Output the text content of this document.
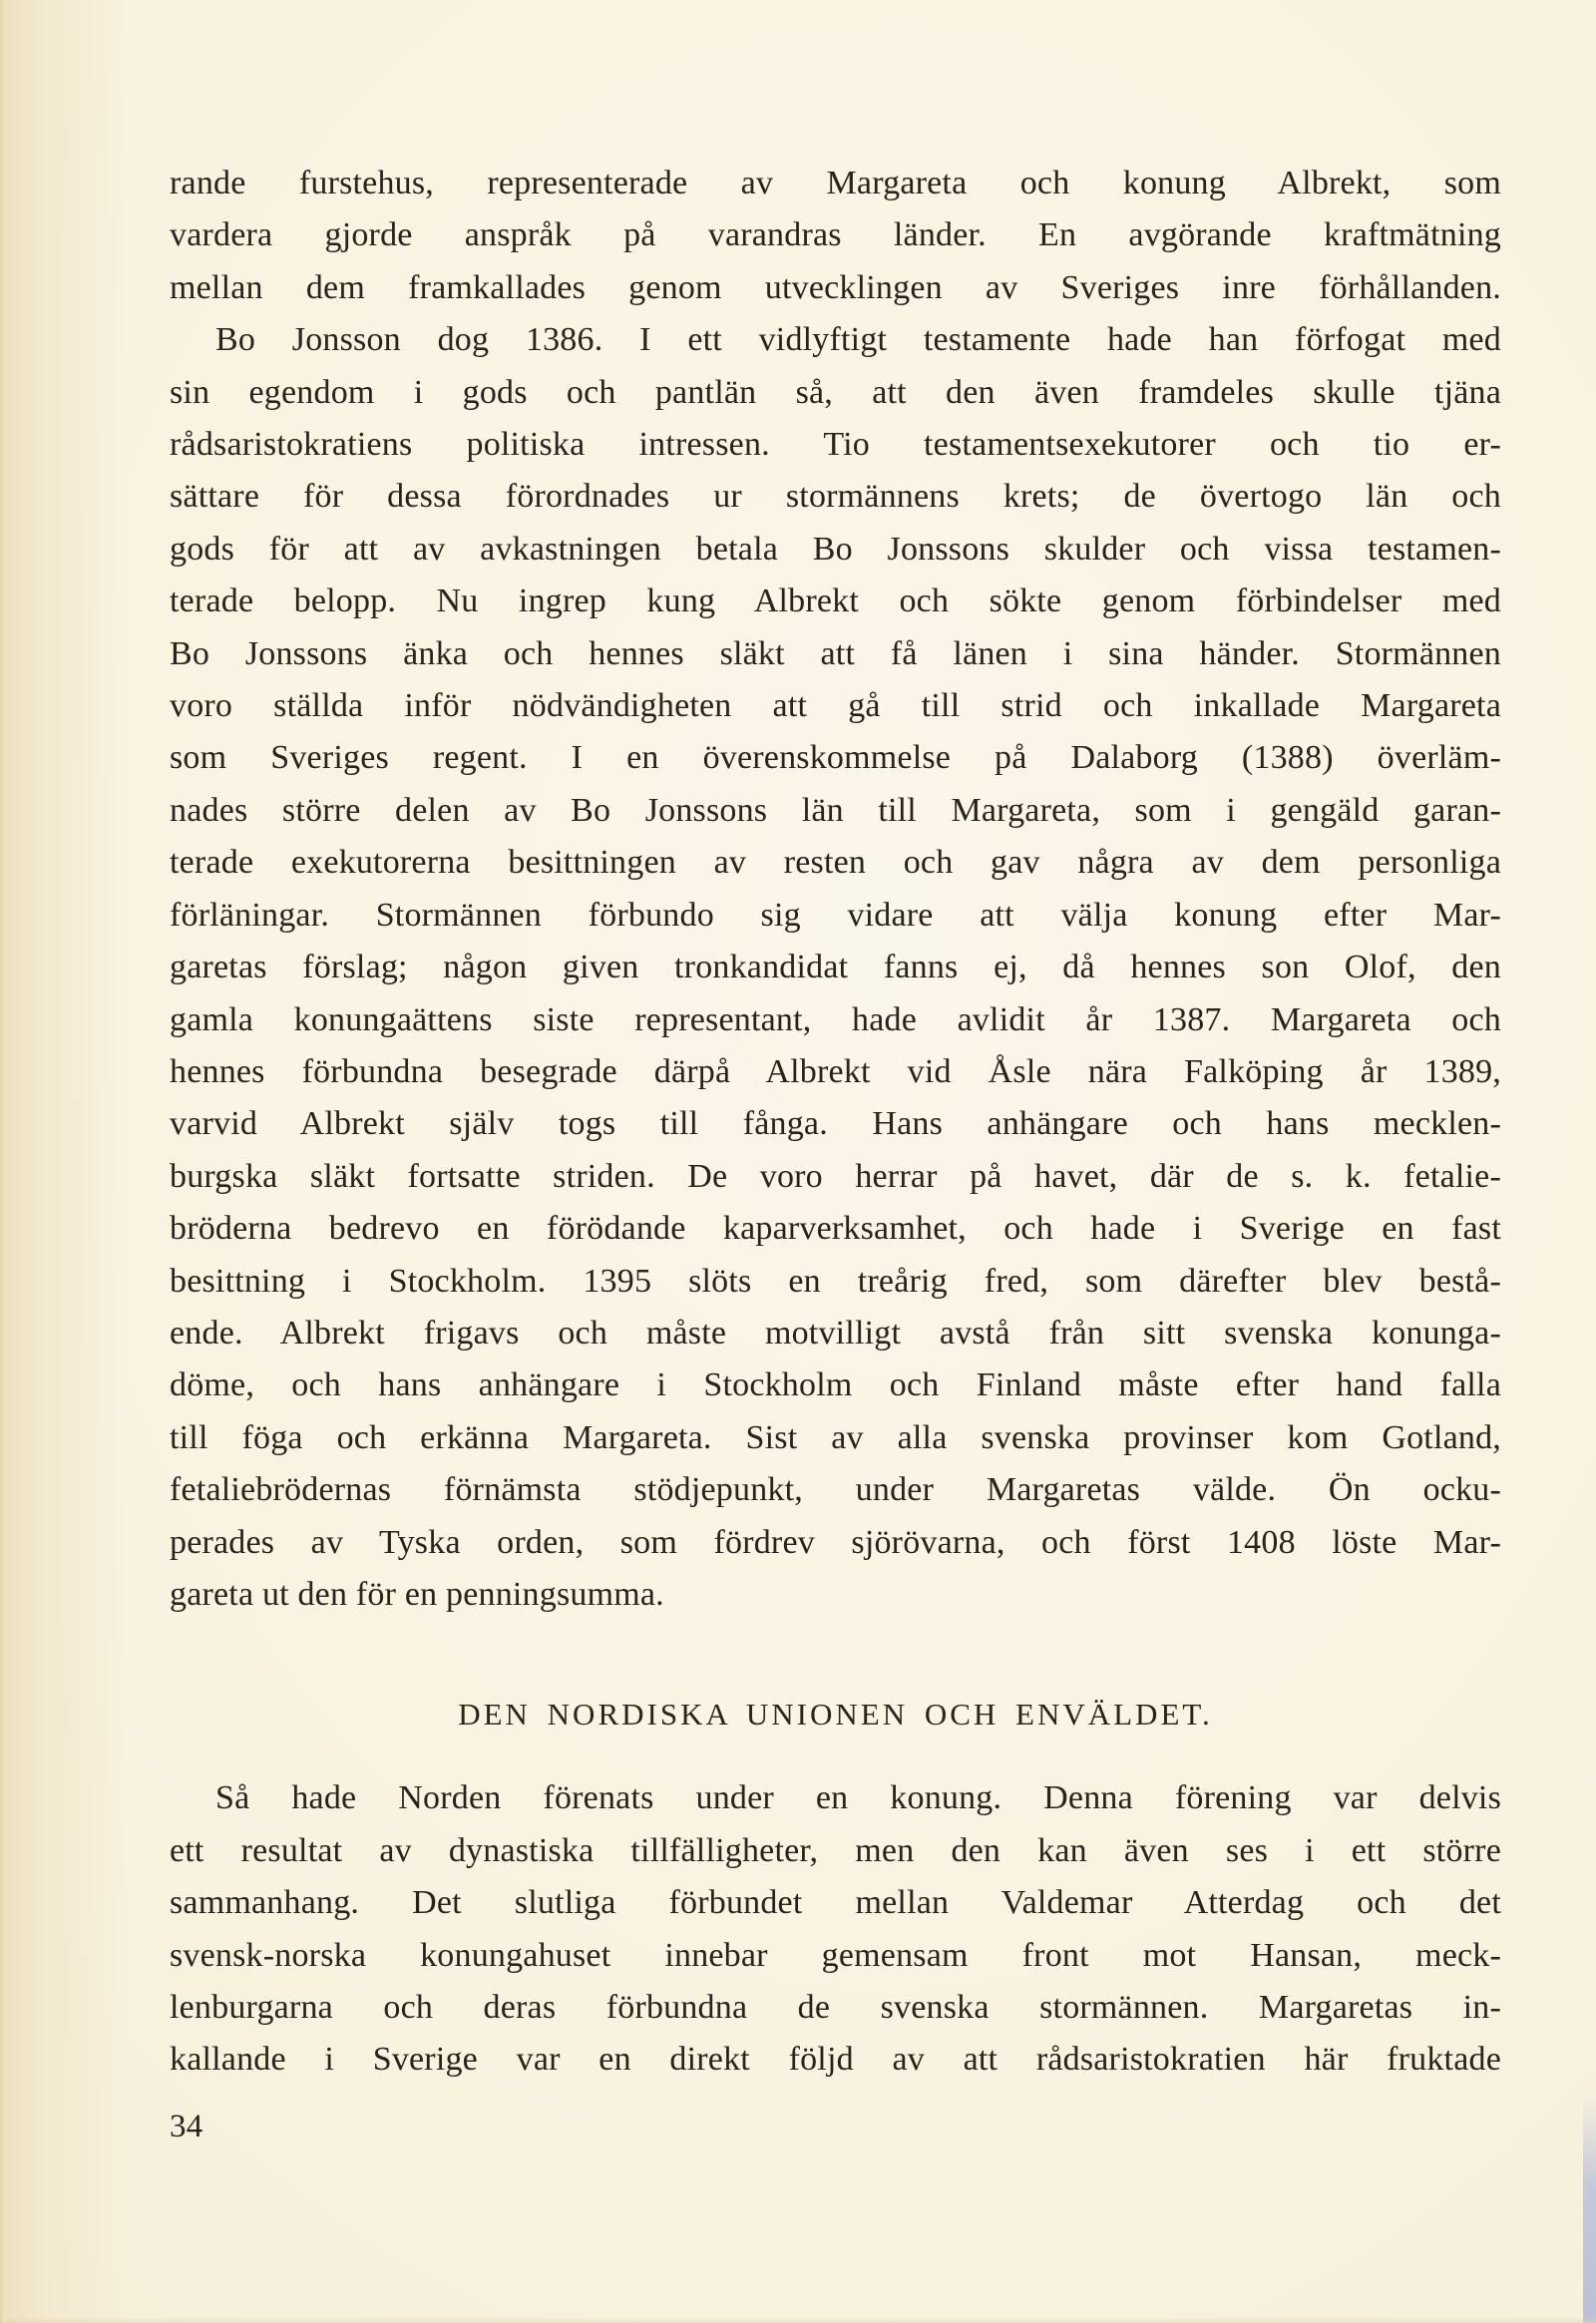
rande furstehus, representerade av Margareta och konung Albrekt, som
vardera gjorde anspråk på varandras länder. En avgörande kraftmätning
mellan dem framkallades genom utvecklingen av Sveriges inre förhållanden.
Bo Jonsson dog 1386. I ett vidlyftigt testamente hade han förfogat med
sin egendom i gods och pantlän så, att den även framdeles skulle tjäna
rådsaristokratiens politiska intressen. Tio testamentsexekutorer och tio er-
sättare för dessa förordnades ur stormännens krets; de övertogo län och
gods för att av avkastningen betala Bo Jonssons skulder och vissa testamen-
terade belopp. Nu ingrep kung Albrekt och sökte genom förbindelser med
Bo Jonssons änka och hennes släkt att få länen i sina händer. Stormännen
voro ställda inför nödvändigheten att gå till strid och inkallade Margareta
som Sveriges regent. I en överenskommelse på Dalaborg (1388) överläm-
nades större delen av Bo Jonssons län till Margareta, som i gengäld garan-
terade exekutorerna besittningen av resten och gav några av dem personliga
förläningar. Stormännen förbundo sig vidare att välja konung efter Mar-
garetas förslag; någon given tronkandidat fanns ej, då hennes son Olof, den
gamla konungaättens siste representant, hade avlidit år 1387. Margareta och
hennes förbundna besegrade därpå Albrekt vid Åsle nära Falköping år 1389,
varvid Albrekt själv togs till fånga. Hans anhängare och hans mecklen-
burgska släkt fortsatte striden. De voro herrar på havet, där de s. k. fetalie-
bröderna bedrevo en förödande kaparverksamhet, och hade i Sverige en fast
besittning i Stockholm. 1395 slöts en treårig fred, som därefter blev bestå-
ende. Albrekt frigavs och måste motvilligt avstå från sitt svenska konunga-
döme, och hans anhängare i Stockholm och Finland måste efter hand falla
till föga och erkänna Margareta. Sist av alla svenska provinser kom Gotland,
fetaliebrödernas förnämsta stödjepunkt, under Margaretas välde. Ön ocku-
perades av Tyska orden, som fördrev sjörövarna, och först 1408 löste Mar-
gareta ut den för en penningsumma.
DEN NORDISKA UNIONEN OCH ENVÄLDET.
Så hade Norden förenats under en konung. Denna förening var delvis
ett resultat av dynastiska tillfälligheter, men den kan även ses i ett större
sammanhang. Det slutliga förbundet mellan Valdemar Atterdag och det
svensk-norska konungahuset innebar gemensam front mot Hansan, meck-
lenburgarna och deras förbundna de svenska stormännen. Margaretas in-
kallande i Sverige var en direkt följd av att rådsaristokratien här fruktade
34
